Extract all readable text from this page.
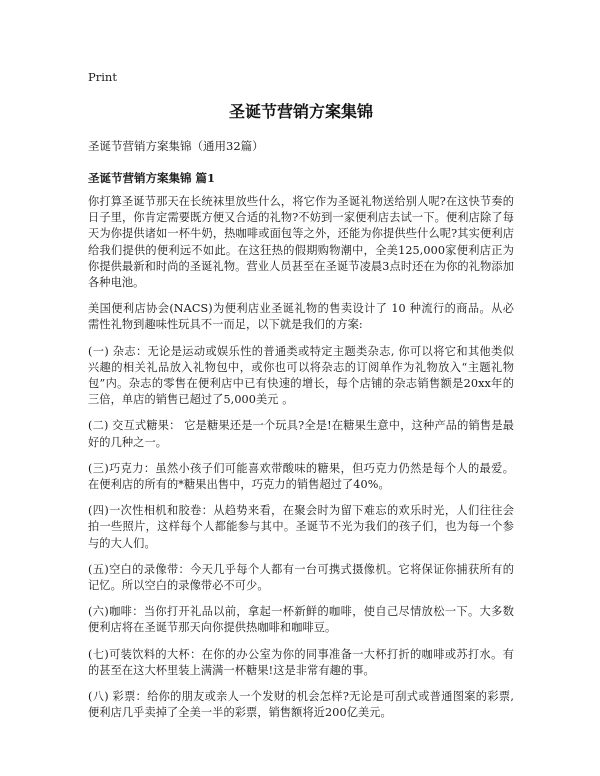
Print
圣诞节营销方案集锦
圣诞节营销方案集锦（通用32篇）
圣诞节营销方案集锦 篇1

你打算圣诞节那天在长统袜里放些什么，将它作为圣诞礼物送给别人呢?在这快节奏的日子里，你肯定需要既方便又合适的礼物?不妨到一家便利店去试一下。便利店除了每天为你提供诸如一杯牛奶，热咖啡或面包等之外，还能为你提供些什么呢?其实便利店给我们提供的便利远不如此。在这狂热的假期购物潮中，全美125,000家便利店正为你提供最新和时尚的圣诞礼物。营业人员甚至在圣诞节凌晨3点时还在为你的礼物添加各种电池。

美国便利店协会(NACS)为便利店业圣诞礼物的售卖设计了 10 种流行的商品。从必需性礼物到趣味性玩具不一而足，以下就是我们的方案:

(一) 杂志：无论是运动或娱乐性的普通类或特定主题类杂志, 你可以将它和其他类似兴趣的相关礼品放入礼物包中，或你也可以将杂志的订阅单作为礼物放入“主题礼物包”内。杂志的零售在便利店中已有快速的增长，每个店铺的杂志销售额是20xx年的三倍，单店的销售已超过了5,000美元 。

(二) 交互式糖果： 它是糖果还是一个玩具?全是!在糖果生意中，这种产品的销售是最好的几种之一。

(三)巧克力：虽然小孩子们可能喜欢带酸味的糖果，但巧克力仍然是每个人的最爱。在便利店的所有的*糖果出售中，巧克力的销售超过了40%。

(四)一次性相机和胶卷：从趋势来看，在聚会时为留下难忘的欢乐时光，人们往往会拍一些照片，这样每个人都能参与其中。圣诞节不光为我们的孩子们，也为每一个参与的大人们。

(五)空白的录像带：今天几乎每个人都有一台可携式摄像机。它将保证你捕获所有的记忆。所以空白的录像带必不可少。

(六)咖啡：当你打开礼品以前，拿起一杯新鲜的咖啡，使自己尽情放松一下。大多数便利店将在圣诞节那天向你提供热咖啡和咖啡豆。

(七)可装饮料的大杯：在你的办公室为你的同事准备一大杯打折的咖啡或苏打水。有的甚至在这大杯里装上满满一杯糖果!这是非常有趣的事。

(八) 彩票：给你的朋友或亲人一个发财的机会怎样?无论是可刮式或普通图案的彩票, 便利店几乎卖掉了全美一半的彩票，销售额将近200亿美元。
